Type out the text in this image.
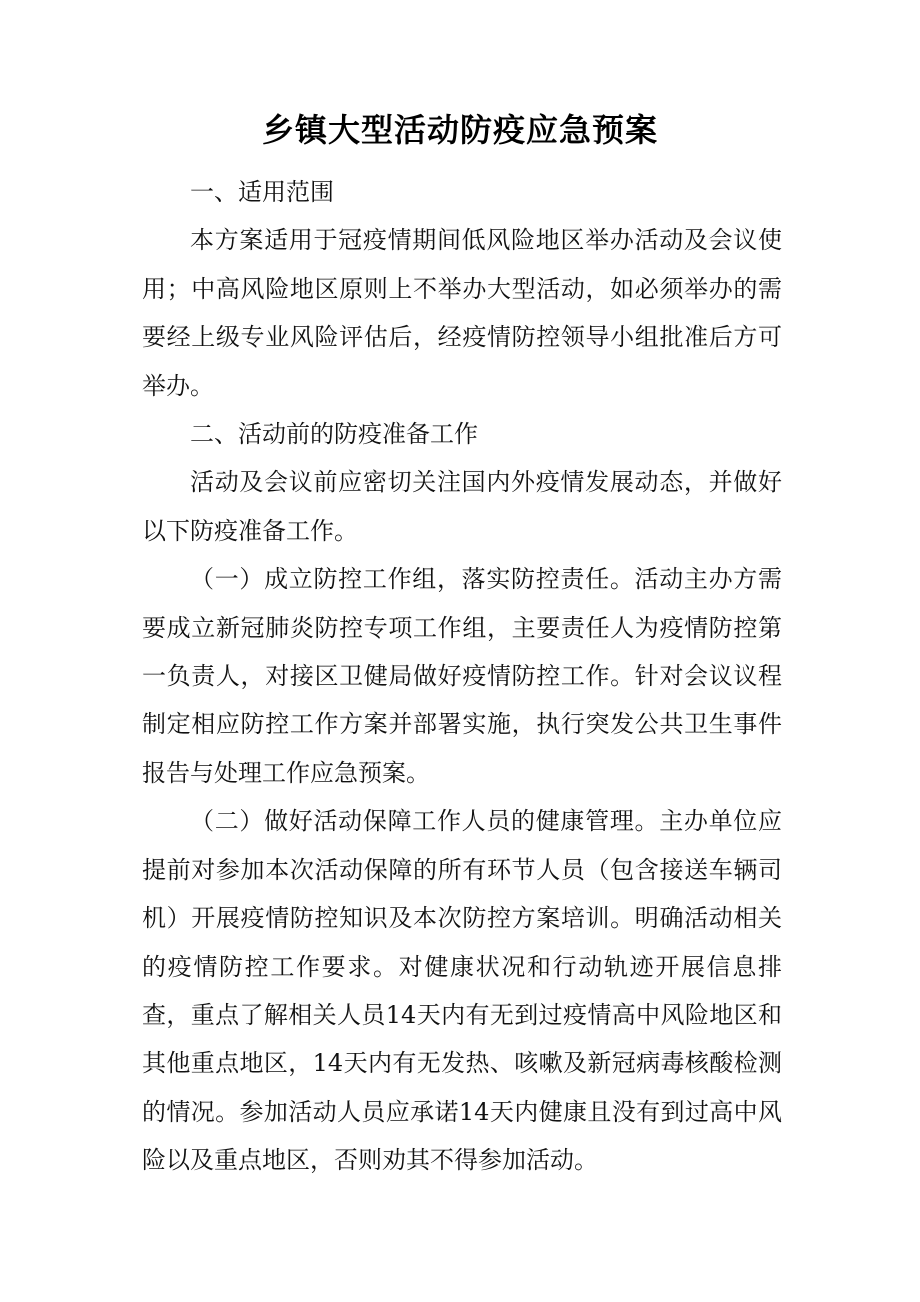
乡镇大型活动防疫应急预案

一、适用范围

本方案适用于冠疫情期间低风险地区举办活动及会议使用；中高风险地区原则上不举办大型活动，如必须举办的需要经上级专业风险评估后，经疫情防控领导小组批准后方可举办。

二、活动前的防疫准备工作

活动及会议前应密切关注国内外疫情发展动态，并做好以下防疫准备工作。

（一）成立防控工作组，落实防控责任。活动主办方需要成立新冠肺炎防控专项工作组，主要责任人为疫情防控第一负责人，对接区卫健局做好疫情防控工作。针对会议议程制定相应防控工作方案并部署实施，执行突发公共卫生事件报告与处理工作应急预案。

（二）做好活动保障工作人员的健康管理。主办单位应提前对参加本次活动保障的所有环节人员（包含接送车辆司机）开展疫情防控知识及本次防控方案培训。明确活动相关的疫情防控工作要求。对健康状况和行动轨迹开展信息排查，重点了解相关人员14天内有无到过疫情高中风险地区和其他重点地区，14天内有无发热、咳嗽及新冠病毒核酸检测的情况。参加活动人员应承诺14天内健康且没有到过高中风险以及重点地区，否则劝其不得参加活动。
